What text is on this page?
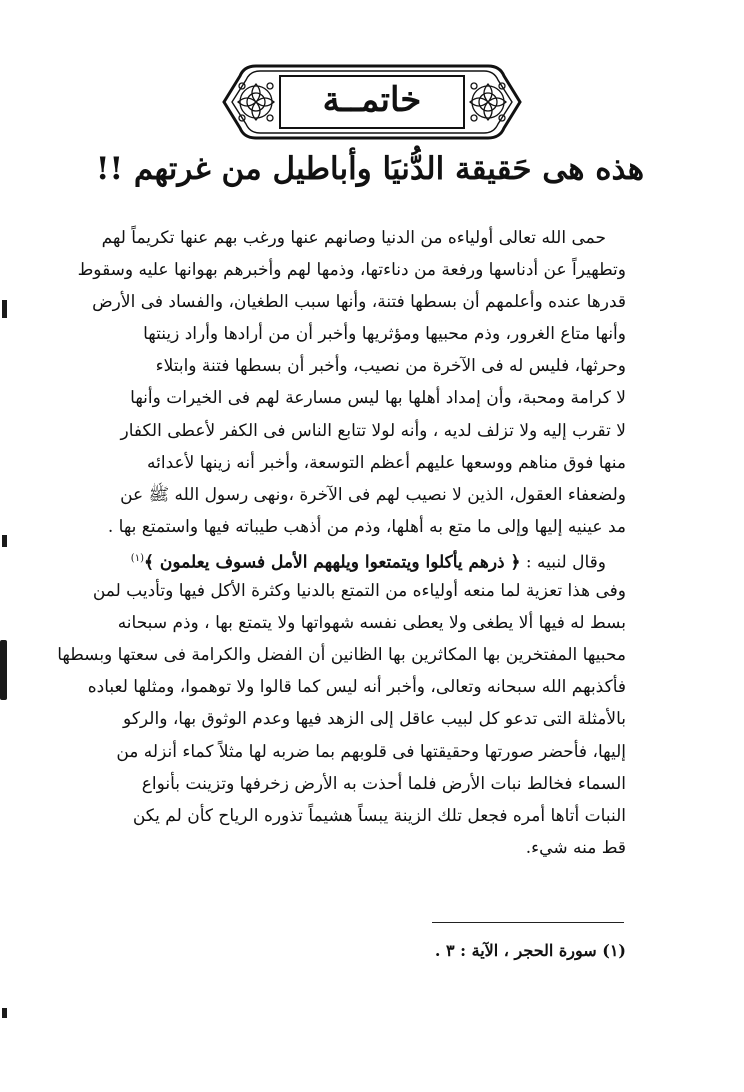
خاتمــة
هذه هى حَقيقة الدُّنيَا وأباطيل من غرتهم !!
حمى الله تعالى أولياءه من الدنيا وصانهم عنها ورغب بهم عنها تكريماً لهم
وتطهيراً عن أدناسها ورفعة من دناءتها، وذمها لهم وأخبرهم بهوانها عليه وسقوط
قدرها عنده وأعلمهم أن بسطها فتنة، وأنها سبب الطغيان، والفساد فى الأرض
وأنها متاع الغرور، وذم محبيها ومؤثريها وأخبر أن من أرادها وأراد زينتها
وحرثها، فليس له فى الآخرة من نصيب، وأخبر أن بسطها فتنة وابتلاء
لا كرامة ومحبة، وأن إمداد أهلها بها ليس مسارعة لهم فى الخيرات وأنها
لا تقرب إليه ولا تزلف لديه ، وأنه لولا تتابع الناس فى الكفر لأعطى الكفار
منها فوق مناهم ووسعها عليهم أعظم التوسعة، وأخبر أنه زينها لأعدائه
ولضعفاء العقول، الذين لا نصيب لهم فى الآخرة ،ونهى رسول الله ﷺ عن
مد عينيه إليها وإلى ما متع به أهلها، وذم من أذهب طيباته فيها واستمتع بها .
وقال لنبيه : ﴿ ذرهم يأكلوا ويتمتعوا ويلههم الأمل فسوف يعلمون ﴾$^{(١)}$
وفى هذا تعزية لما منعه أولياءه من التمتع بالدنيا وكثرة الأكل فيها وتأديب لمن
بسط له فيها ألا يطغى ولا يعطى نفسه شهواتها ولا يتمتع بها ، وذم سبحانه
محبيها المفتخرين بها المكاثرين بها الظانين أن الفضل والكرامة فى سعتها وبسطها
فأكذبهم الله سبحانه وتعالى، وأخبر أنه ليس كما قالوا ولا توهموا، ومثلها لعباده
بالأمثلة التى تدعو كل لبيب عاقل إلى الزهد فيها وعدم الوثوق بها، والركو
إليها، فأحضر صورتها وحقيقتها فى قلوبهم بما ضربه لها مثلاً كماء أنزله من
السماء فخالط نبات الأرض فلما أحذت به الأرض زخرفها وتزينت بأنواع
النبات أتاها أمره فجعل تلك الزينة يبساً هشيماً تذوره الرياح كأن لم يكن
قط منه شيء.
(١) سورة الحجر ، الآية : ٣ .
